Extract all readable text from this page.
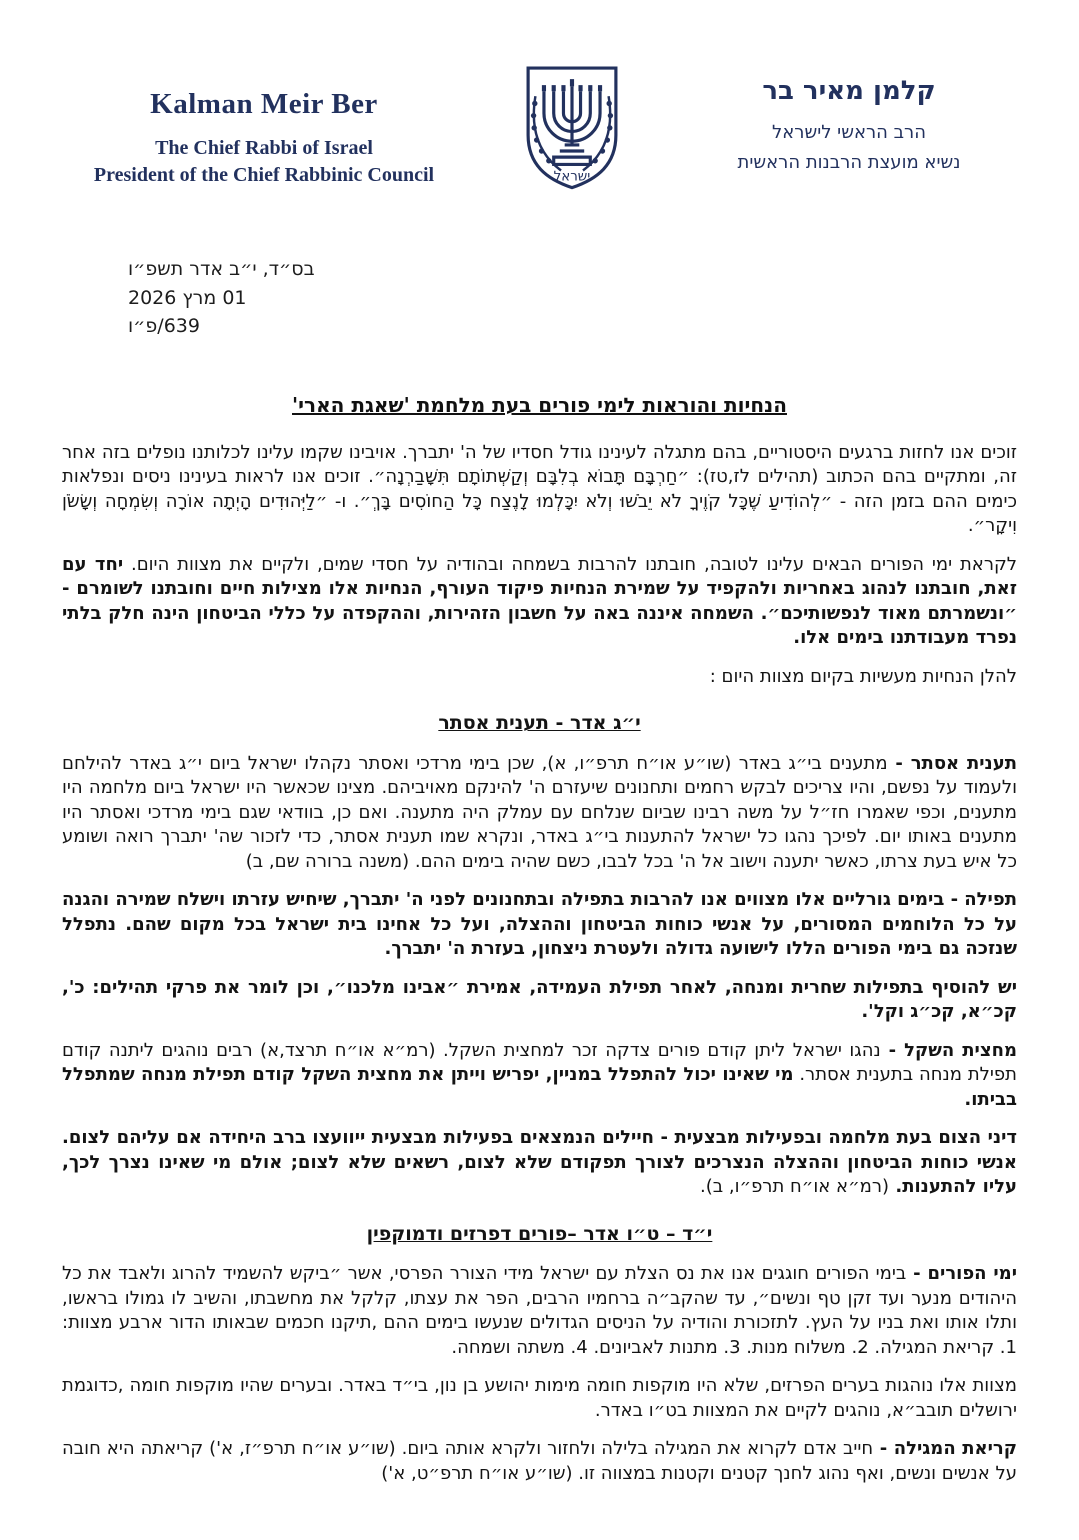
Kalman Meir Ber
The Chief Rabbi of Israel
President of the Chief Rabbinic Council	ישראל
קלמן מאיר בר
הרב הראשי לישראל
נשיא מועצת הרבנות הראשית
בס״ד, י״ב אדר תשפ״ו
01 מרץ 2026
639/פ״ו
הנחיות והוראות לימי פורים בעת מלחמת 'שאגת הארי'

זוכים אנו לחזות ברגעים היסטוריים, בהם מתגלה לעינינו גודל חסדיו של ה' יתברך. אויבינו שקמו עלינו לכלותנו נופלים בזה אחר זה, ומתקיים בהם הכתוב (תהילים לז,טז): ״חַרְבָּם תָּבוֹא בְלִבָּם וְקַשְּׁתוֹתָם תִּשָּׁבַרְנָה״. זוכים אנו לראות בעינינו ניסים ונפלאות כימים ההם בזמן הזה - ״לְהוֹדִיעַ שֶׁכָּל קֹוֶיךָ לֹא יֵבֹשׁוּ וְלֹא יִכָּלְמוּ לָנֶצַח כָּל הַחוֹסִים בָּךְ״. ו- ״לַיְּהוּדִים הָיְתָה אוֹרָה וְשִׂמְחָה וְשָׂשֹׂן וִיקָר״.

לקראת ימי הפורים הבאים עלינו לטובה, חובתנו להרבות בשמחה ובהודיה על חסדי שמים, ולקיים את מצוות היום. יחד עם זאת, חובתנו לנהוג באחריות ולהקפיד על שמירת הנחיות פיקוד העורף, הנחיות אלו מצילות חיים וחובתנו לשומרם - ״ונשמרתם מאוד לנפשותיכם״. השמחה איננה באה על חשבון הזהירות, וההקפדה על כללי הביטחון הינה חלק בלתי נפרד מעבודתנו בימים אלו.

להלן הנחיות מעשיות בקיום מצוות היום :

י״ג אדר - תענית אסתר

תענית אסתר - מתענים בי״ג באדר (שו״ע או״ח תרפ״ו, א), שכן בימי מרדכי ואסתר נקהלו ישראל ביום י״ג באדר להילחם ולעמוד על נפשם, והיו צריכים לבקש רחמים ותחנונים שיעזרם ה' להינקם מאויביהם. מצינו שכאשר היו ישראל ביום מלחמה היו מתענים, וכפי שאמרו חז״ל על משה רבינו שביום שנלחם עם עמלק היה מתענה. ואם כן, בוודאי שגם בימי מרדכי ואסתר היו מתענים באותו יום. לפיכך נהגו כל ישראל להתענות בי״ג באדר, ונקרא שמו תענית אסתר, כדי לזכור שה' יתברך רואה ושומע כל איש בעת צרתו, כאשר יתענה וישוב אל ה' בכל לבבו, כשם שהיה בימים ההם. (משנה ברורה שם, ב)

תפילה - בימים גורליים אלו מצווים אנו להרבות בתפילה ובתחנונים לפני ה' יתברך, שיחיש עזרתו וישלח שמירה והגנה על כל הלוחמים המסורים, על אנשי כוחות הביטחון וההצלה, ועל כל אחינו בית ישראל בכל מקום שהם. נתפלל שנזכה גם בימי הפורים הללו לישועה גדולה ולעטרת ניצחון, בעזרת ה' יתברך.

יש להוסיף בתפילות שחרית ומנחה, לאחר תפילת העמידה, אמירת ״אבינו מלכנו״, וכן לומר את פרקי תהילים: כ', קכ״א, קכ״ג וקל'.

מחצית השקל - נהגו ישראל ליתן קודם פורים צדקה זכר למחצית השקל. (רמ״א או״ח תרצד,א) רבים נוהגים ליתנה קודם תפילת מנחה בתענית אסתר. מי שאינו יכול להתפלל במניין, יפריש וייתן את מחצית השקל קודם תפילת מנחה שמתפלל בביתו.

דיני הצום בעת מלחמה ובפעילות מבצעית - חיילים הנמצאים בפעילות מבצעית ייוועצו ברב היחידה אם עליהם לצום. אנשי כוחות הביטחון וההצלה הנצרכים לצורך תפקודם שלא לצום, רשאים שלא לצום; אולם מי שאינו נצרך לכך, עליו להתענות. (רמ״א או״ח תרפ״ו, ב).

י״ד – ט״ו אדר –פורים דפרזים ודמוקפין

ימי הפורים - בימי הפורים חוגגים אנו את נס הצלת עם ישראל מידי הצורר הפרסי, אשר ״ביקש להשמיד להרוג ולאבד את כל היהודים מנער ועד זקן טף ונשים״, עד שהקב״ה ברחמיו הרבים, הפר את עצתו, קלקל את מחשבתו, והשיב לו גמולו בראשו, ותלו אותו ואת בניו על העץ. לתזכורת והודיה על הניסים הגדולים שנעשו בימים ההם ,תיקנו חכמים שבאותו הדור ארבע מצוות: 1. קריאת המגילה. 2. משלוח מנות. 3. מתנות לאביונים. 4. משתה ושמחה.

מצוות אלו נוהגות בערים הפרזים, שלא היו מוקפות חומה מימות יהושע בן נון, בי״ד באדר. ובערים שהיו מוקפות חומה ,כדוגמת ירושלים תובב״א, נוהגים לקיים את המצוות בט״ו באדר.

קריאת המגילה - חייב אדם לקרוא את המגילה בלילה ולחזור ולקרא אותה ביום. (שו״ע או״ח תרפ״ז, א') קריאתה היא חובה על אנשים ונשים, ואף נהוג לחנך קטנים וקטנות במצווה זו. (שו״ע או״ח תרפ״ט, א')
